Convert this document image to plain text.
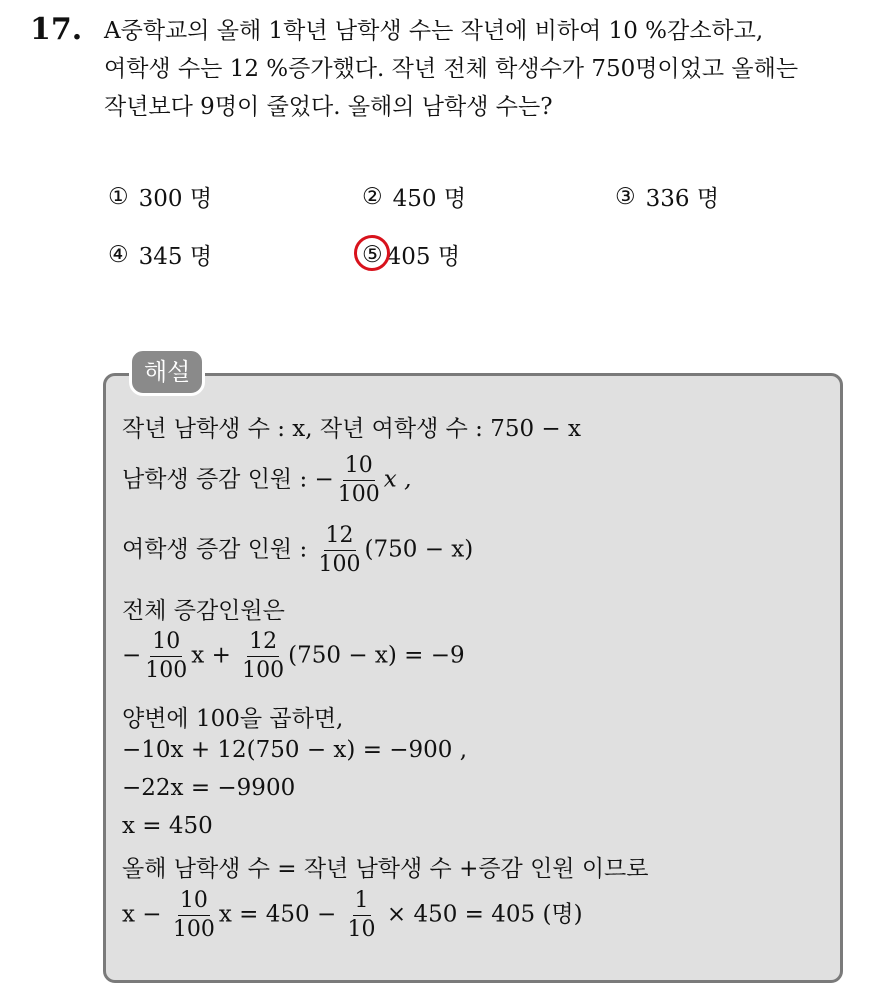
17. A중학교의 올해 1학년 남학생 수는 작년에 비하여 10 %감소하고,
여학생 수는 12 %증가했다. 작년 전체 학생수가 750명이었고 올해는
작년보다 9명이 줄었다. 올해의 남학생 수는?
① 300 명	② 450 명	③ 336 명
④ 345 명	⑤ 405 명
해설
작년 남학생 수 : x, 작년 여학생 수 : 750 − x
남학생 증감 인원 : − $\frac{10}{100}$ x ,
여학생 증감 인원 : $\frac{12}{100} (750 - x)$
전체 증감인원은
− $\frac{10}{100}$ $x + \frac{12}{100} (750 - x) = -9$
양변에 100을 곱하면,
−10x + 12(750 − x) = −900 ,
−22x = −9900
x = 450
올해 남학생 수 = 작년 남학생 수 +증감 인원 이므로
$x - \frac{10}{100}$ $x = 450 - \frac{1}{10} \times 450 = 405$ (명)
